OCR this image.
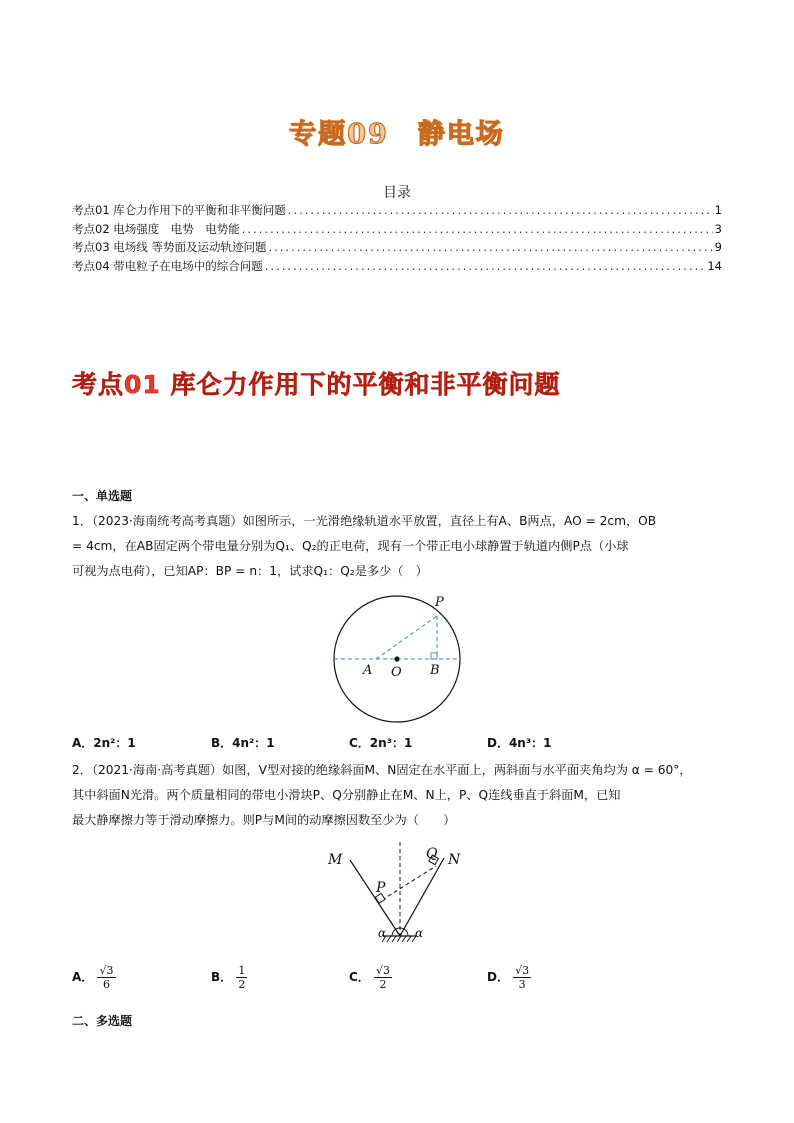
专题09　静电场
目录
考点01 库仑力作用下的平衡和非平衡问题 .....	1
考点02 电场强度　电势　电势能 .....	3
考点03 电场线 等势面及运动轨迹问题 .....	9
考点04 带电粒子在电场中的综合问题 .....	14
考点01 库仑力作用下的平衡和非平衡问题
一、单选题
1．（2023·海南统考高考真题）如图所示，一光滑绝缘轨道水平放置，直径上有A、B两点，AO = 2cm，OB
= 4cm，在AB固定两个带电量分别为Q₁、Q₂的正电荷，现有一个带正电小球静置于轨道内侧P点（小球
可视为点电荷），已知AP：BP = n：1，试求Q₁：Q₂是多少（　）
P
A O B
A．2n²：1	B．4n²：1	C．2n³：1	D．4n³：1
2．（2021·海南·高考真题）如图，V型对接的绝缘斜面M、N固定在水平面上，两斜面与水平面夹角均为 α = 60°，
其中斜面N光滑。两个质量相同的带电小滑块P、Q分别静止在M、N上，P、Q连线垂直于斜面M，已知
最大静摩擦力等于滑动摩擦力。则P与M间的动摩擦因数至少为（　　）
M	N
P
Q
α α
A． $\frac{√3}{6}$	B． $\frac{1}{2}$	C． $\frac{√3}{2}$	D． $\frac{√3}{3}$
二、多选题
